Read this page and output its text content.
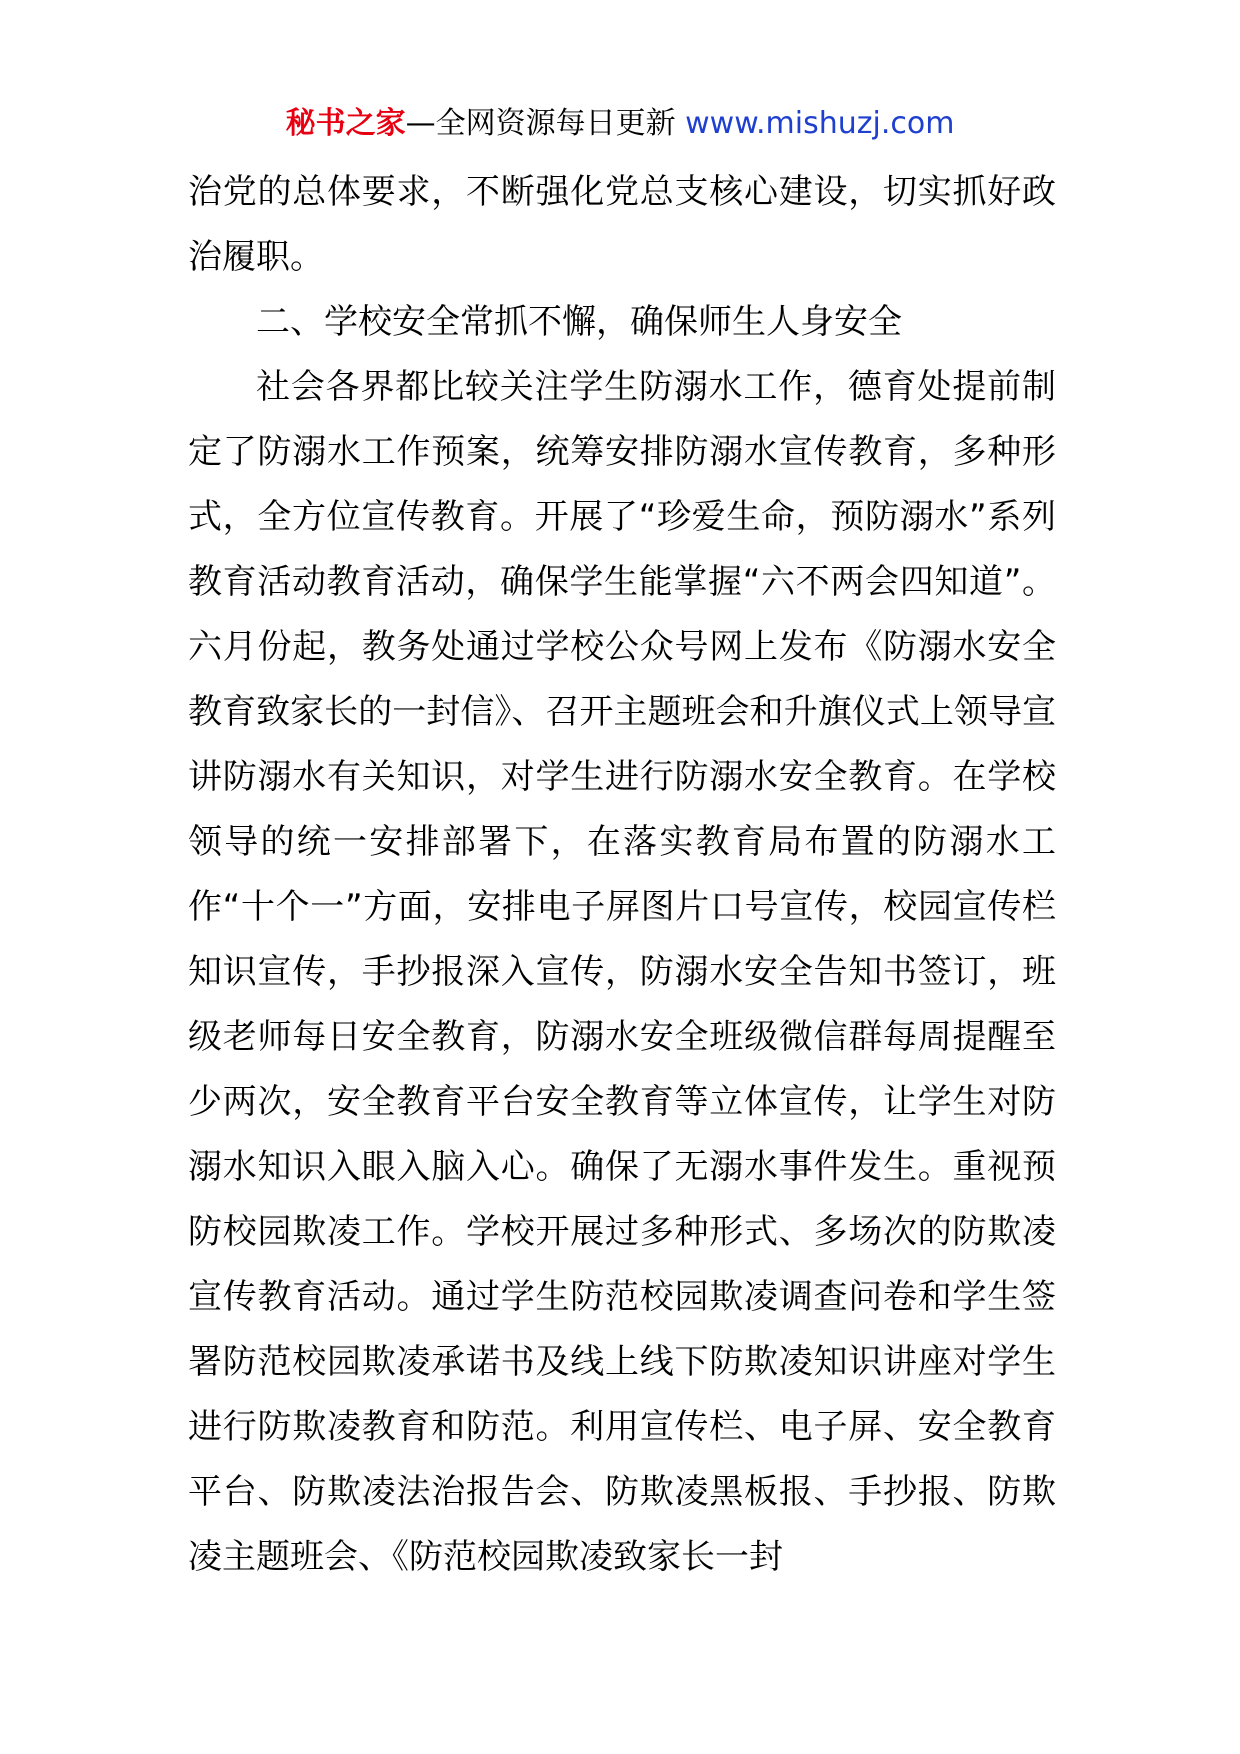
秘书之家—全网资源每日更新 www.mishuzj.com

治党的总体要求，不断强化党总支核心建设，切实抓好政治履职。

二、学校安全常抓不懈，确保师生人身安全

社会各界都比较关注学生防溺水工作，德育处提前制定了防溺水工作预案，统筹安排防溺水宣传教育，多种形式，全方位宣传教育。开展了“珍爱生命，预防溺水”系列教育活动教育活动，确保学生能掌握“六不两会四知道”。六月份起，教务处通过学校公众号网上发布《防溺水安全教育致家长的一封信》、召开主题班会和升旗仪式上领导宣讲防溺水有关知识，对学生进行防溺水安全教育。在学校领导的统一安排部署下，在落实教育局布置的防溺水工作“十个一”方面，安排电子屏图片口号宣传，校园宣传栏知识宣传，手抄报深入宣传，防溺水安全告知书签订，班级老师每日安全教育，防溺水安全班级微信群每周提醒至少两次，安全教育平台安全教育等立体宣传，让学生对防溺水知识入眼入脑入心。确保了无溺水事件发生。重视预防校园欺凌工作。学校开展过多种形式、多场次的防欺凌宣传教育活动。通过学生防范校园欺凌调查问卷和学生签署防范校园欺凌承诺书及线上线下防欺凌知识讲座对学生进行防欺凌教育和防范。利用宣传栏、电子屏、安全教育平台、防欺凌法治报告会、防欺凌黑板报、手抄报、防欺凌主题班会、《防范校园欺凌致家长一封
